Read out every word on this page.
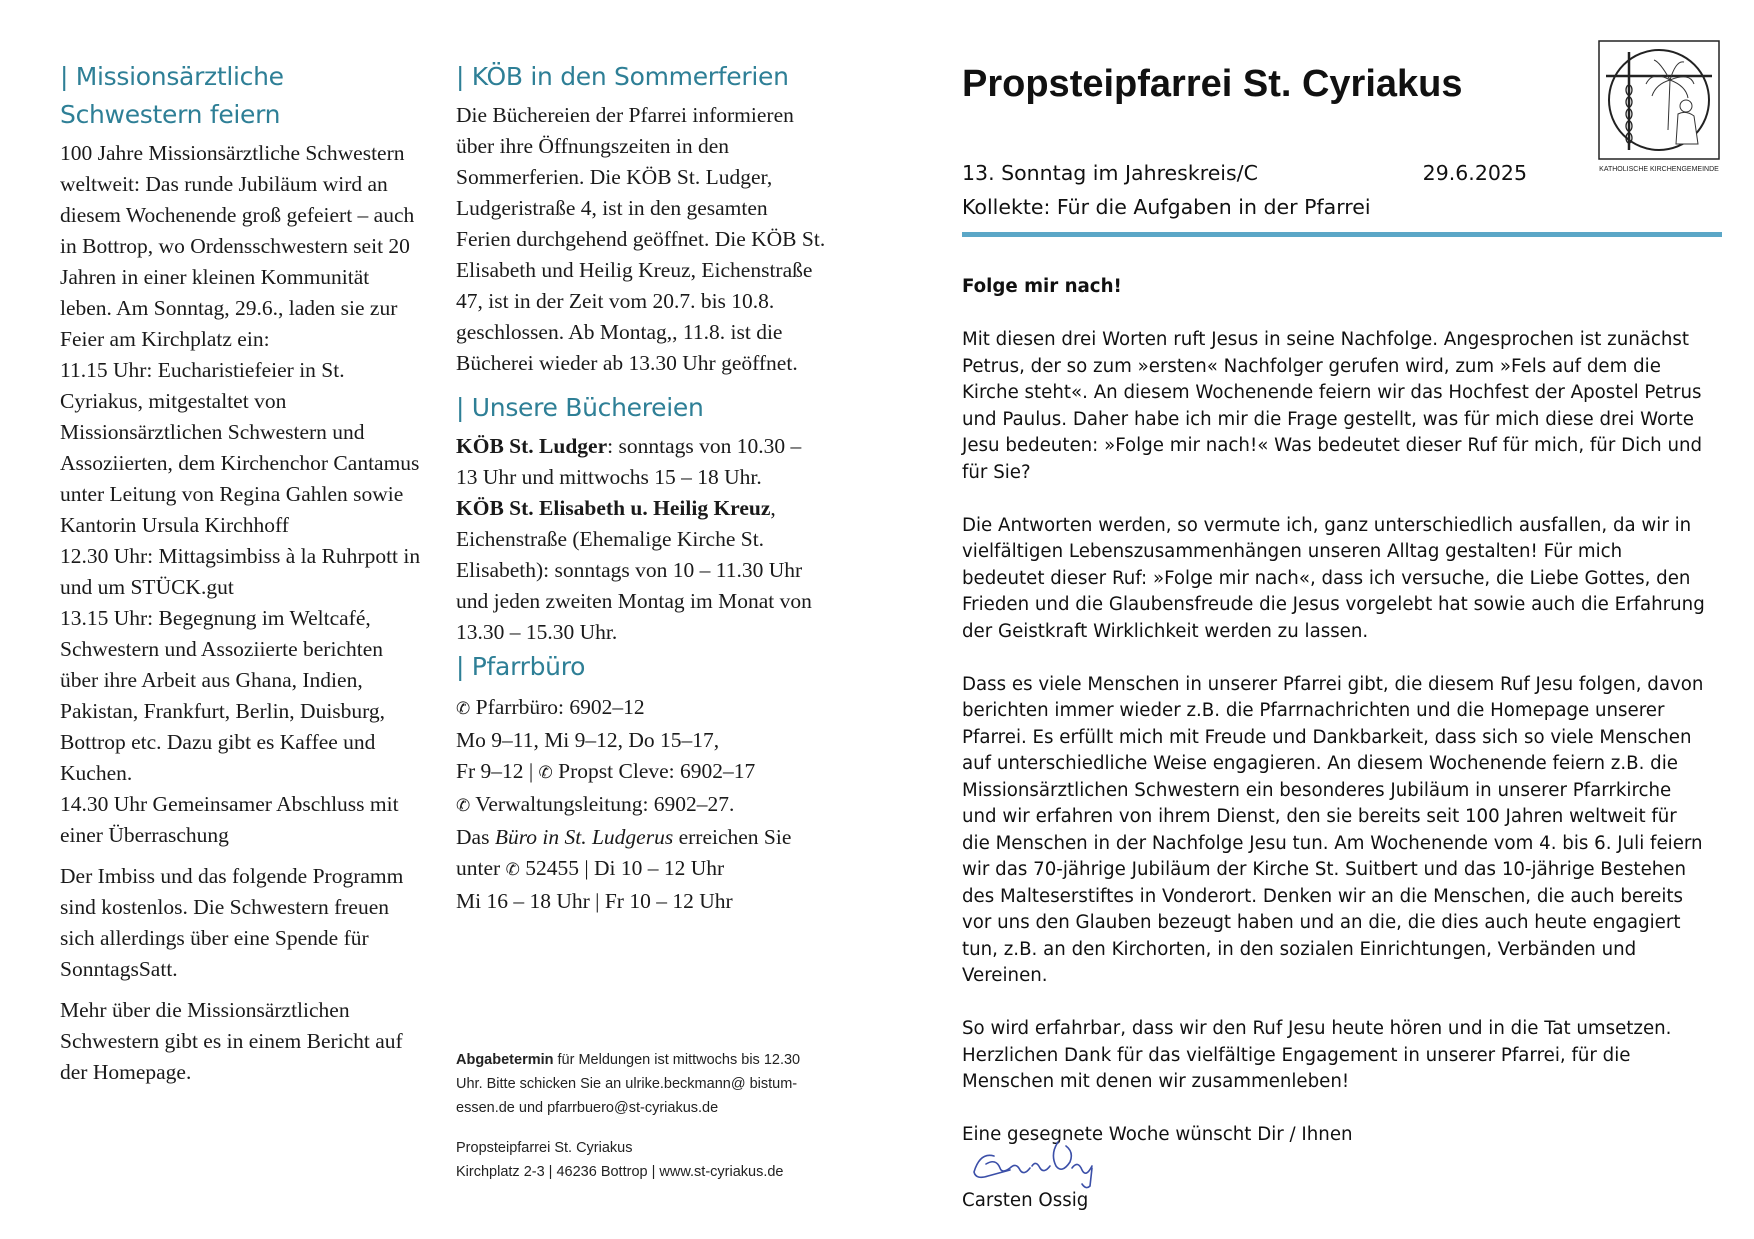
| Missionsärztliche Schwestern feiern

100 Jahre Missionsärztliche Schwestern weltweit: Das runde Jubiläum wird an diesem Wochenende groß gefeiert – auch in Bottrop, wo Ordensschwestern seit 20 Jahren in einer kleinen Kommunität leben. Am Sonntag, 29.6., laden sie zur Feier am Kirchplatz ein:

11.15 Uhr: Eucharistiefeier in St. Cyriakus, mitgestaltet von Missionsärztlichen Schwestern und Assoziierten, dem Kirchenchor Cantamus unter Leitung von Regina Gahlen sowie Kantorin Ursula Kirchhoff

12.30 Uhr: Mittagsimbiss à la Ruhrpott in und um STÜCK.gut

13.15 Uhr: Begegnung im Weltcafé, Schwestern und Assoziierte berichten über ihre Arbeit aus Ghana, Indien, Pakistan, Frankfurt, Berlin, Duisburg, Bottrop etc. Dazu gibt es Kaffee und Kuchen.

14.30 Uhr Gemeinsamer Abschluss mit einer Überraschung

Der Imbiss und das folgende Programm sind kostenlos. Die Schwestern freuen sich allerdings über eine Spende für SonntagsSatt.

Mehr über die Missionsärztlichen Schwestern gibt es in einem Bericht auf der Homepage.

| KÖB in den Sommerferien

Die Büchereien der Pfarrei informieren über ihre Öffnungszeiten in den Sommerferien. Die KÖB St. Ludger, Ludgeristraße 4, ist in den gesamten Ferien durchgehend geöffnet. Die KÖB St. Elisabeth und Heilig Kreuz, Eichenstraße 47, ist in der Zeit vom 20.7. bis 10.8. geschlossen. Ab Montag,, 11.8. ist die Bücherei wieder ab 13.30 Uhr geöffnet.

| Unsere Büchereien

KÖB St. Ludger: sonntags von 10.30 – 13 Uhr und mittwochs 15 – 18 Uhr.

KÖB St. Elisabeth u. Heilig Kreuz, Eichenstraße (Ehemalige Kirche St. Elisabeth): sonntags von 10 – 11.30 Uhr und jeden zweiten Montag im Monat von 13.30 – 15.30 Uhr.

| Pfarrbüro

✆ Pfarrbüro: 6902–12

Mo 9–11, Mi 9–12, Do 15–17,

Fr 9–12 | ✆ Propst Cleve: 6902–17

✆ Verwaltungsleitung: 6902–27.

Das Büro in St. Ludgerus erreichen Sie

unter ✆ 52455 | Di 10 – 12 Uhr

Mi 16 – 18 Uhr | Fr 10 – 12 Uhr

Abgabetermin für Meldungen ist mittwochs bis 12.30 Uhr. Bitte schicken Sie an ulrike.beckmann@ bistum-essen.de und pfarrbuero@st-cyriakus.de

Propsteipfarrei St. Cyriakus

Kirchplatz 2-3 | 46236 Bottrop | www.st-cyriakus.de

Propsteipfarrei St. Cyriakus
13. Sonntag im Jahreskreis/C	29.6.2025
Kollekte: Für die Aufgaben in der Pfarrei

Folge mir nach!

Mit diesen drei Worten ruft Jesus in seine Nachfolge. Angesprochen ist zunächst Petrus, der so zum »ersten« Nachfolger gerufen wird, zum »Fels auf dem die Kirche steht«. An diesem Wochenende feiern wir das Hochfest der Apostel Petrus und Paulus. Daher habe ich mir die Frage gestellt, was für mich diese drei Worte Jesu bedeuten: »Folge mir nach!« Was bedeutet dieser Ruf für mich, für Dich und für Sie?

Die Antworten werden, so vermute ich, ganz unterschiedlich ausfallen, da wir in vielfältigen Lebenszusammenhängen unseren Alltag gestalten! Für mich bedeutet dieser Ruf: »Folge mir nach«, dass ich versuche, die Liebe Gottes, den Frieden und die Glaubensfreude die Jesus vorgelebt hat sowie auch die Erfahrung der Geistkraft Wirklichkeit werden zu lassen.

Dass es viele Menschen in unserer Pfarrei gibt, die diesem Ruf Jesu folgen, davon berichten immer wieder z.B. die Pfarrnachrichten und die Homepage unserer Pfarrei. Es erfüllt mich mit Freude und Dankbarkeit, dass sich so viele Menschen auf unterschiedliche Weise engagieren. An diesem Wochenende feiern z.B. die Missionsärztlichen Schwestern ein besonderes Jubiläum in unserer Pfarrkirche und wir erfahren von ihrem Dienst, den sie bereits seit 100 Jahren weltweit für die Menschen in der Nachfolge Jesu tun. Am Wochenende vom 4. bis 6. Juli feiern wir das 70-jährige Jubiläum der Kirche St. Suitbert und das 10-jährige Bestehen des Malteserstiftes in Vonderort. Denken wir an die Menschen, die auch bereits vor uns den Glauben bezeugt haben und an die, die dies auch heute engagiert tun, z.B. an den Kirchorten, in den sozialen Einrichtungen, Verbänden und Vereinen.

So wird erfahrbar, dass wir den Ruf Jesu heute hören und in die Tat umsetzen. Herzlichen Dank für das vielfältige Engagement in unserer Pfarrei, für die Menschen mit denen wir zusammenleben!

Eine gesegnete Woche wünscht Dir / Ihnen

KATHOLISCHE KIRCHENGEMEINDE
Carsten Ossig
